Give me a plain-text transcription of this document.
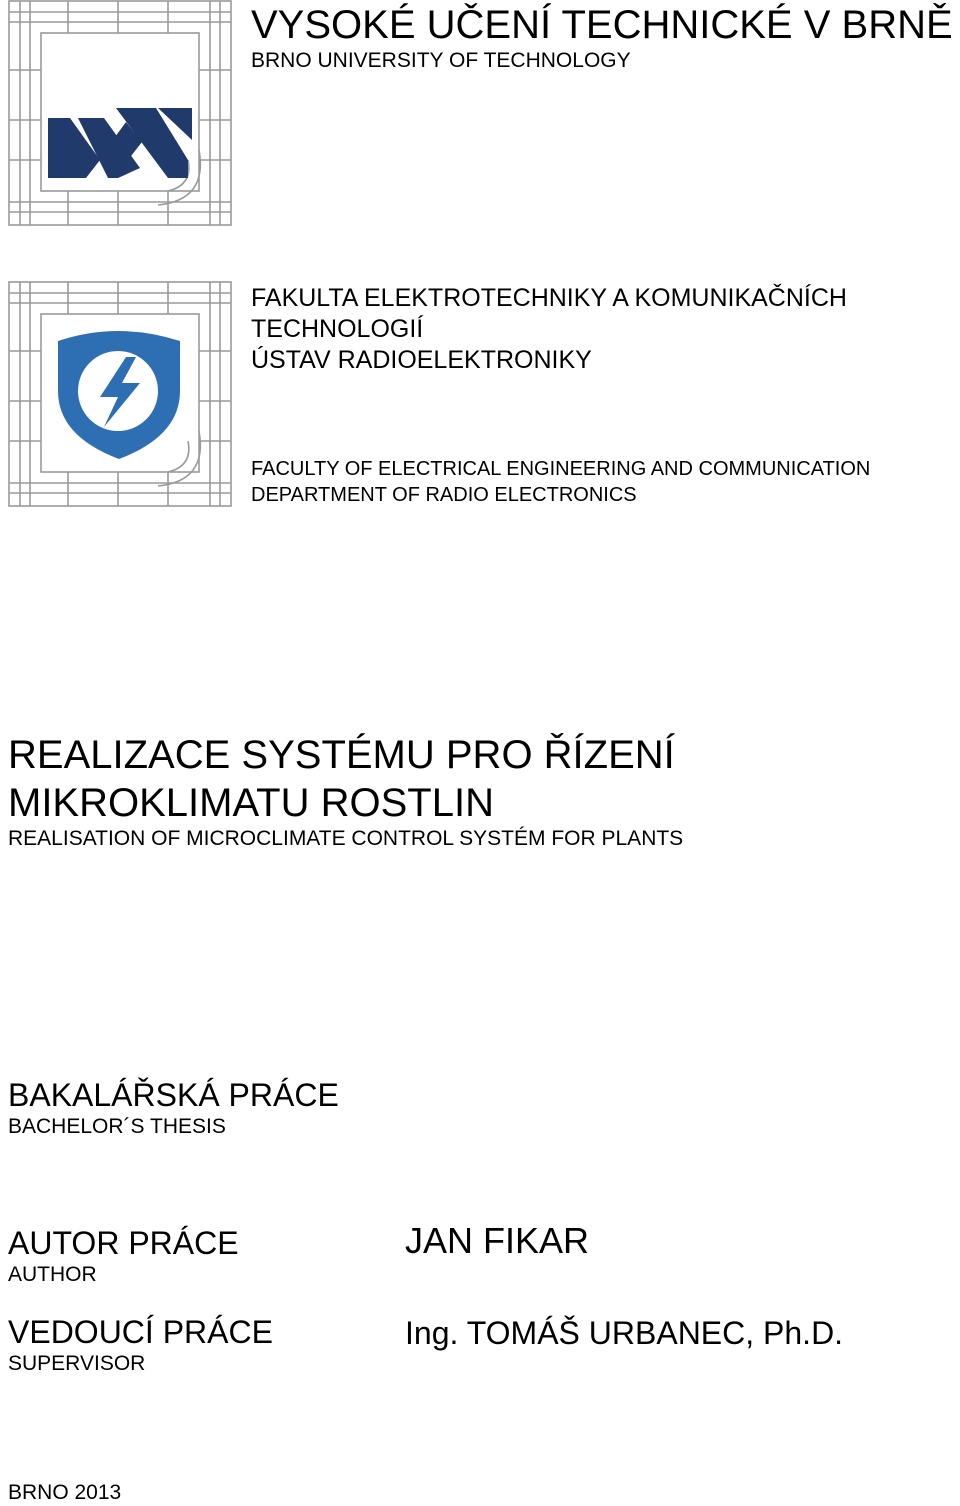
VYSOKÉ UČENÍ TECHNICKÉ V BRNĚ
BRNO UNIVERSITY OF TECHNOLOGY
FAKULTA ELEKTROTECHNIKY A KOMUNIKAČNÍCH
TECHNOLOGIÍ
ÚSTAV RADIOELEKTRONIKY
FACULTY OF ELECTRICAL ENGINEERING AND COMMUNICATION
DEPARTMENT OF RADIO ELECTRONICS
REALIZACE SYSTÉMU PRO ŘÍZENÍ
MIKROKLIMATU ROSTLIN
REALISATION OF MICROCLIMATE CONTROL SYSTÉM FOR PLANTS
BAKALÁŘSKÁ PRÁCE
BACHELOR´S THESIS
AUTOR PRÁCE
AUTHOR
JAN FIKAR
VEDOUCÍ PRÁCE
SUPERVISOR
Ing. TOMÁŠ URBANEC, Ph.D.
BRNO 2013
